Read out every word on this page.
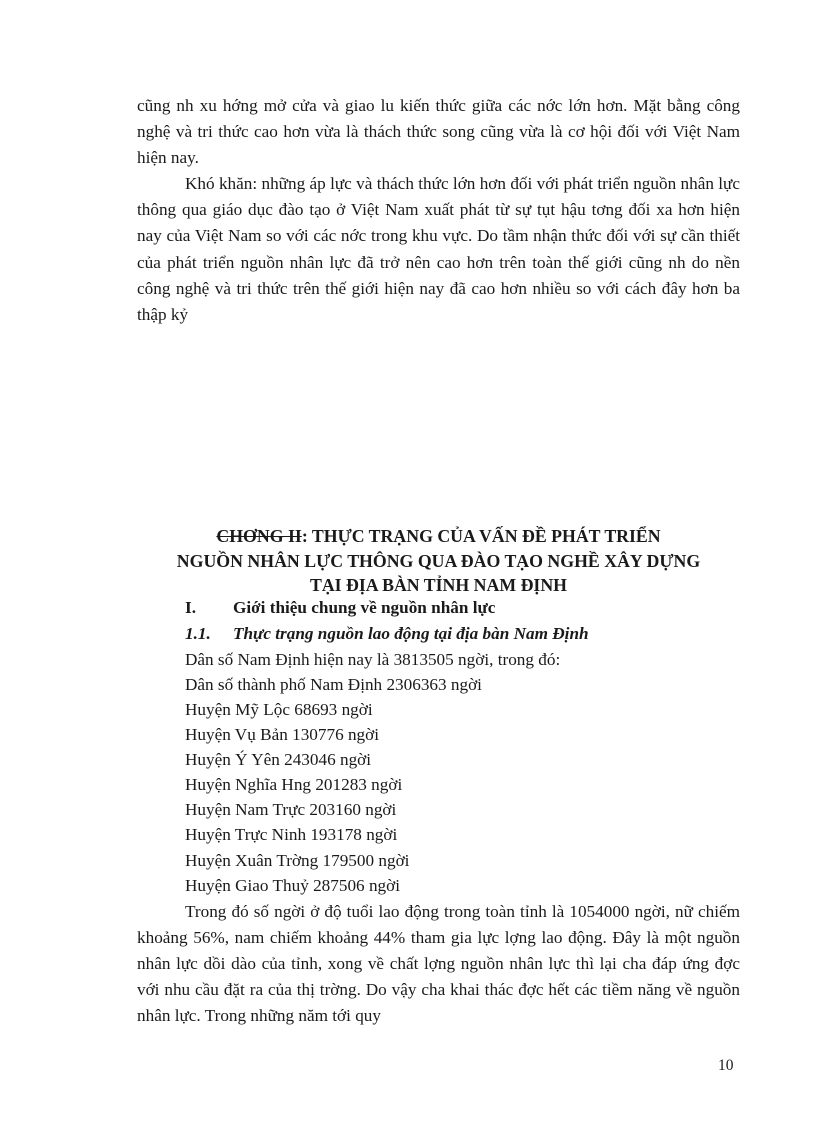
cũng nh xu hớng mở cửa và giao lu kiến thức giữa các nớc lớn hơn. Mặt bằng công nghệ và tri thức cao hơn vừa là thách thức song cũng vừa là cơ hội đối với Việt Nam hiện nay.

Khó khăn: những áp lực và thách thức lớn hơn đối với phát triển nguồn nhân lực thông qua giáo dục đào tạo ở Việt Nam xuất phát từ sự tụt hậu tơng đối xa hơn hiện nay của Việt Nam so với các nớc trong khu vực. Do tầm nhận thức đối với sự cần thiết của phát triển nguồn nhân lực đã trở nên cao hơn trên toàn thế giới cũng nh do nền công nghệ và tri thức trên thế giới hiện nay đã cao hơn nhiều so với cách đây hơn ba thập kỷ

CHƠNG II: THỰC TRẠNG CỦA VẤN ĐỀ PHÁT TRIỂN
NGUỒN NHÂN LỰC THÔNG QUA ĐÀO TẠO NGHỀ XÂY DỰNG
TẠI ĐỊA BÀN TỈNH NAM ĐỊNH
I. Giới thiệu chung về nguồn nhân lực
1.1. Thực trạng nguồn lao động tại địa bàn Nam Định

Dân số Nam Định hiện nay là 3813505 ngời, trong đó:

Dân số thành phố Nam Định 2306363 ngời

Huyện Mỹ Lộc 68693 ngời

Huyện Vụ Bản 130776 ngời

Huyện Ý Yên 243046 ngời

Huyện Nghĩa Hng 201283 ngời

Huyện Nam Trực 203160 ngời

Huyện Trực Ninh 193178 ngời

Huyện Xuân Trờng 179500 ngời

Huyện Giao Thuỷ 287506 ngời

Trong đó số ngời ở độ tuổi lao động trong toàn tỉnh là 1054000 ngời, nữ chiếm khoảng 56%, nam chiếm khoảng 44% tham gia lực lợng lao động. Đây là một nguồn nhân lực dồi dào của tỉnh, xong về chất lợng nguồn nhân lực thì lại cha đáp ứng đợc với nhu cầu đặt ra của thị trờng. Do vậy cha khai thác đợc hết các tiềm năng về nguồn nhân lực. Trong những năm tới quy

10
